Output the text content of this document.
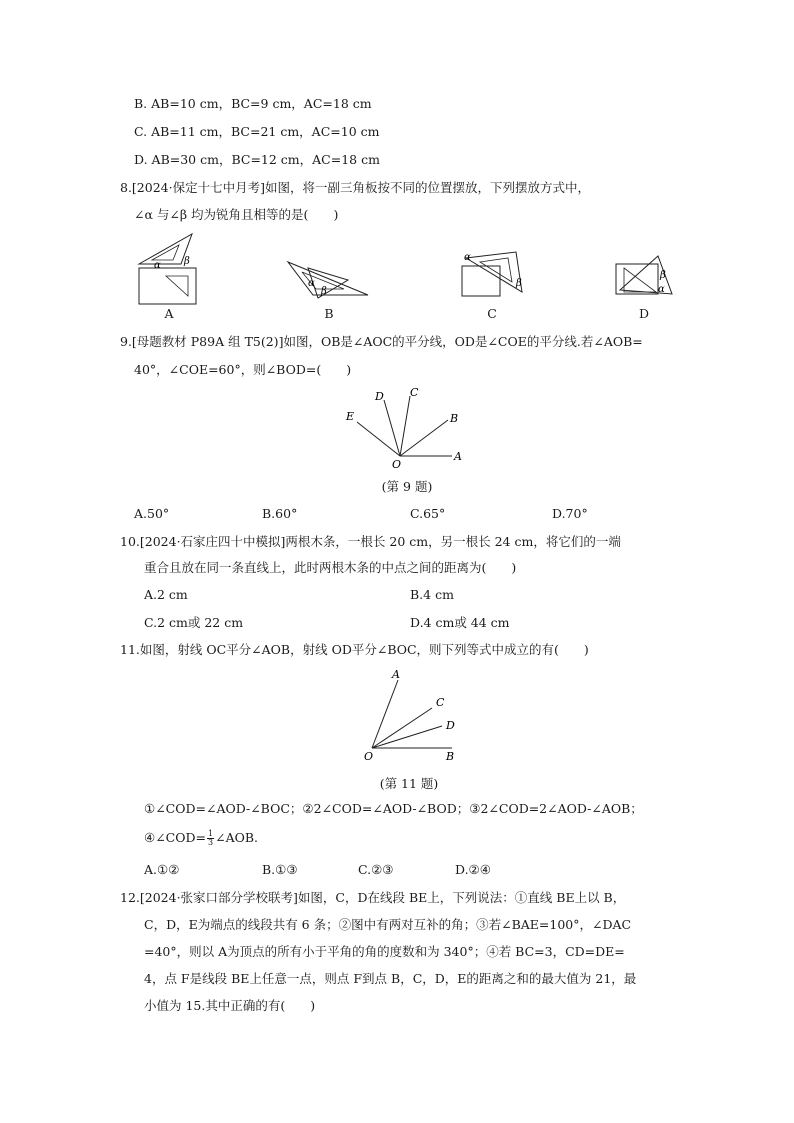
B. AB=10 cm，BC=9 cm，AC=18 cm
C. AB=11 cm，BC=21 cm，AC=10 cm
D. AB=30 cm，BC=12 cm，AC=18 cm
8.[2024·保定十七中月考]如图，将一副三角板按不同的位置摆放，下列摆放方式中，
∠α 与∠β 均为锐角且相等的是(　　)
α β
A
α
β
B
α
β
C
β
α
D
9.[母题教材 P89A 组 T5(2)]如图，OB是∠AOC的平分线，OD是∠COE的平分线.若∠AOB=
40°，∠COE=60°，则∠BOD=(　　)
E
D C
B
O
A
(第 9 题)
A.50°	B.60°	C.65°	D.70°
10.[2024·石家庄四十中模拟]两根木条，一根长 20 cm，另一根长 24 cm，将它们的一端
重合且放在同一条直线上，此时两根木条的中点之间的距离为(　　)
A.2 cm	B.4 cm
C.2 cm或 22 cm	D.4 cm或 44 cm
11.如图，射线 OC平分∠AOB，射线 OD平分∠BOC，则下列等式中成立的有(　　)
A
C
D
O	B
(第 11 题)
①∠COD=∠AOD-∠BOC；②2∠COD=∠AOD-∠BOD；③2∠COD=2∠AOD-∠AOB；
④∠COD= $\frac{1}{3}$ ∠AOB.
A.①②	B.①③	C.②③	D.②④
12.[2024·张家口部分学校联考]如图，C，D在线段 BE上，下列说法：①直线 BE上以 B，
C，D，E为端点的线段共有 6 条；②图中有两对互补的角；③若∠BAE=100°，∠DAC
=40°，则以 A为顶点的所有小于平角的角的度数和为 340°；④若 BC=3，CD=DE=
4，点 F是线段 BE上任意一点，则点 F到点 B，C，D，E的距离之和的最大值为 21，最
小值为 15.其中正确的有(　　)
